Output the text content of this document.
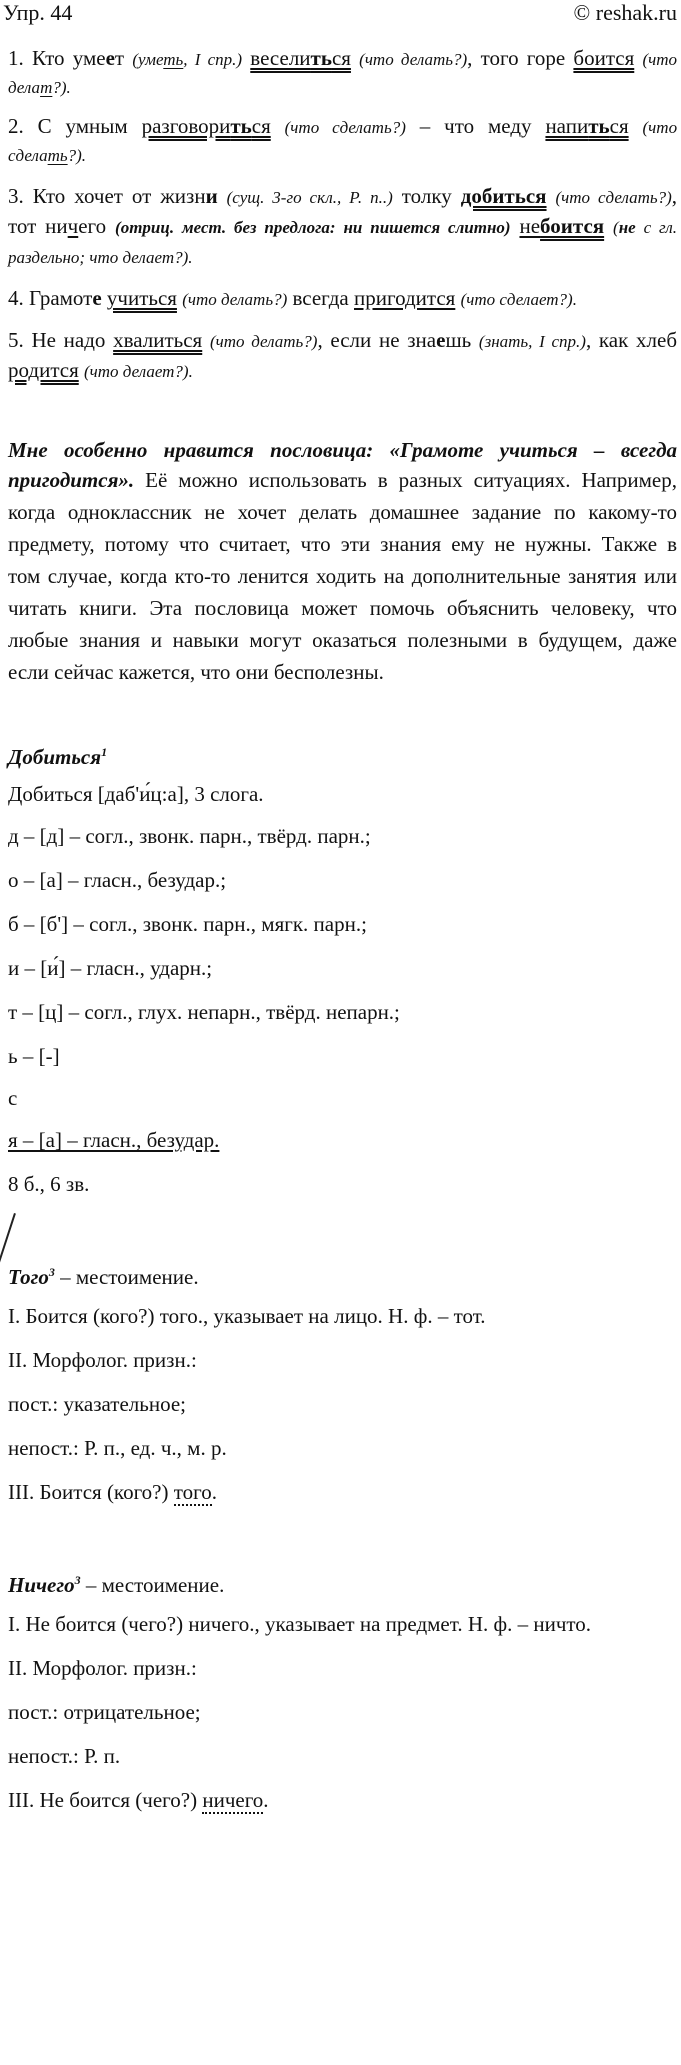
Упр. 44	© reshak.ru
1. Кто умеет (уметь, I спр.) веселиться (что делать?), того горе боится (что
делат?).
2. С умным разговориться (что сделать?) – что меду напиться (что
сделать?).
3. Кто хочет от жизни (сущ. 3-го скл., Р. п..) толку добиться (что сделать?),
тот ничего (отриц. мест. без предлога: ни пишется слитно) небоится (не с гл.
раздельно; что делает?).
4. Грамоте учиться (что делать?) всегда пригодится (что сделает?).
5. Не надо хвалиться (что делать?), если не знаешь (знать, I спр.), как хлеб
родится (что делает?).
Мне особенно нравится пословица: «Грамоте учиться – всегда
пригодится». Её можно использовать в разных ситуациях. Например,
когда одноклассник не хочет делать домашнее задание по какому-то
предмету, потому что считает, что эти знания ему не нужны. Также в
том случае, когда кто-то ленится ходить на дополнительные занятия или
читать книги. Эта пословица может помочь объяснить человеку, что
любые знания и навыки могут оказаться полезными в будущем, даже
если сейчас кажется, что они бесполезны.
Добиться$^1$
Добиться [даб'и́ц:а], 3 слога.
д – [д] – согл., звонк. парн., твёрд. парн.;
о – [а] – гласн., безудар.;
б – [б'] – согл., звонк. парн., мягк. парн.;
и – [и́] – гласн., ударн.;
т – [ц] – согл., глух. непарн., твёрд. непарн.;
ь – [-]
с
я – [а] – гласн., безудар.
8 б., 6 зв.
Того$^3$ – местоимение.
I. Боится (кого?) того., указывает на лицо. Н. ф. – тот.
II. Морфолог. призн.:
пост.: указательное;
непост.: Р. п., ед. ч., м. р.
III. Боится (кого?) того.
Ничего$^3$ – местоимение.
I. Не боится (чего?) ничего., указывает на предмет. Н. ф. – ничто.
II. Морфолог. призн.:
пост.: отрицательное;
непост.: Р. п.
III. Не боится (чего?) ничего.
